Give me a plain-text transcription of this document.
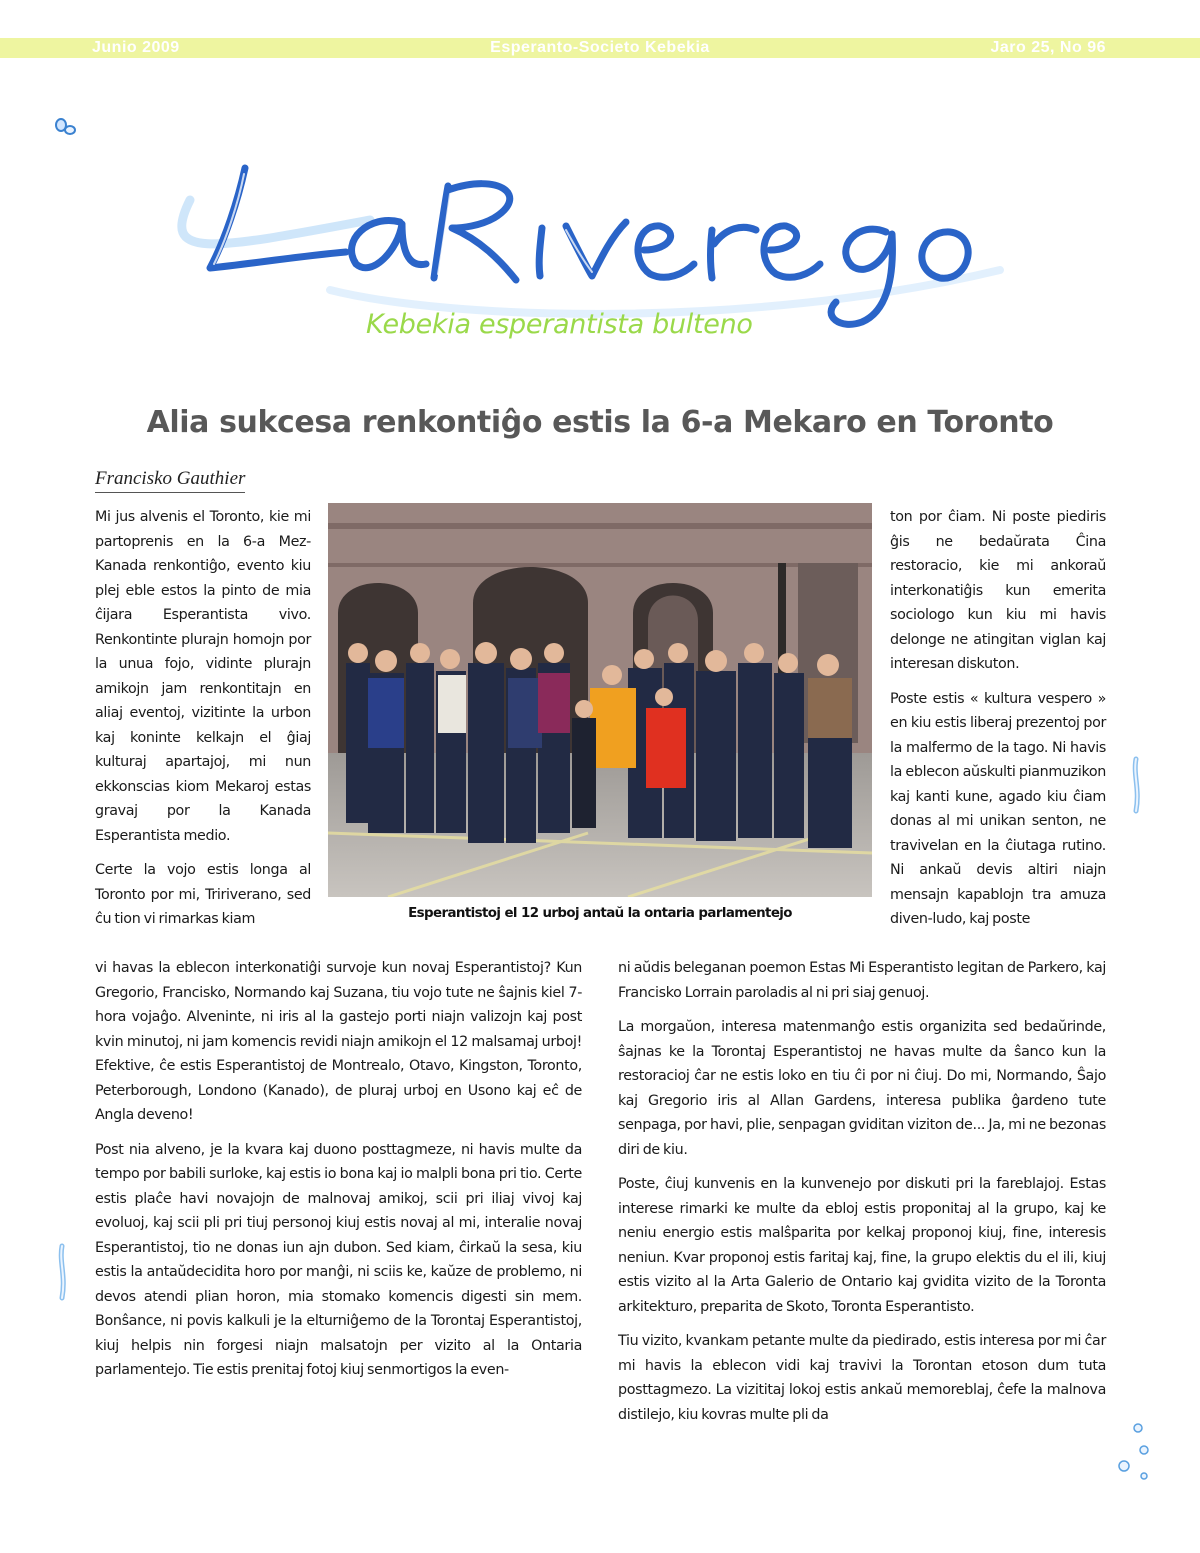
Junio 2009	Esperanto-Societo Kebekia	Jaro 25, No 96
Kebekia esperantista bulteno
Alia sukcesa renkontiĝo estis la 6-a Mekaro en Toronto
Francisko Gauthier

Mi jus alvenis el Toronto, kie mi partoprenis en la 6-a Mez-Kanada renkontiĝo, evento kiu plej eble estos la pinto de mia ĉijara Esperantista vivo. Renkontinte plurajn homojn por la unua fojo, vidinte plurajn amikojn jam renkontitajn en aliaj eventoj, vizitinte la urbon kaj koninte kelkajn el ĝiaj kulturaj apartajoj, mi nun ekkonscias kiom Mekaroj estas gravaj por la Kanada Esperantista medio.

Certe la vojo estis longa al Toronto por mi, Tririverano, sed ĉu tion vi rimarkas kiam	Esperantistoj el 12 urboj antaŭ la ontaria parlamentejo

ton por ĉiam. Ni poste piediris ĝis ne bedaŭrata Ĉina restoracio, kie mi ankoraŭ interkonatiĝis kun emerita sociologo kun kiu mi havis delonge ne atingitan viglan kaj interesan diskuton.

Poste estis « kultura vespero » en kiu estis liberaj prezentoj por la malfermo de la tago. Ni havis la eblecon aŭskulti pianmuzikon kaj kanti kune, agado kiu ĉiam donas al mi unikan senton, ne travivelan en la ĉiutaga rutino. Ni ankaŭ devis altiri niajn mensajn kapablojn tra amuza diven-ludo, kaj poste

vi havas la eblecon interkonatiĝi survoje kun novaj Esperantistoj? Kun Gregorio, Francisko, Normando kaj Suzana, tiu vojo tute ne ŝajnis kiel 7-hora vojaĝo. Alveninte, ni iris al la gastejo porti niajn valizojn kaj post kvin minutoj, ni jam komencis revidi niajn amikojn el 12 malsamaj urboj! Efektive, ĉe estis Esperantistoj de Montrealo, Otavo, Kingston, Toronto, Peterborough, Londono (Kanado), de pluraj urboj en Usono kaj eĉ de Angla deveno!

Post nia alveno, je la kvara kaj duono posttagmeze, ni havis multe da tempo por babili surloke, kaj estis io bona kaj io malpli bona pri tio. Certe estis plaĉe havi novajojn de malnovaj amikoj, scii pri iliaj vivoj kaj evoluoj, kaj scii pli pri tiuj personoj kiuj estis novaj al mi, interalie novaj Esperantistoj, tio ne donas iun ajn dubon. Sed kiam, ĉirkaŭ la sesa, kiu estis la antaŭdecidita horo por manĝi, ni sciis ke, kaŭze de problemo, ni devos atendi plian horon, mia stomako komencis digesti sin mem. Bonŝance, ni povis kalkuli je la elturniĝemo de la Torontaj Esperantistoj, kiuj helpis nin forgesi niajn malsatojn per vizito al la Ontaria parlamentejo. Tie estis prenitaj fotoj kiuj senmortigos la even-

ni aŭdis beleganan poemon Estas Mi Esperantisto legitan de Parkero, kaj Francisko Lorrain paroladis al ni pri siaj genuoj.

La morgaŭon, interesa matenmanĝo estis organizita sed bedaŭrinde, ŝajnas ke la Torontaj Esperantistoj ne havas multe da ŝanco kun la restoracioj ĉar ne estis loko en tiu ĉi por ni ĉiuj. Do mi, Normando, Ŝajo kaj Gregorio iris al Allan Gardens, interesa publika ĝardeno tute senpaga, por havi, plie, senpagan gviditan viziton de... Ja, mi ne bezonas diri de kiu.

Poste, ĉiuj kunvenis en la kunvenejo por diskuti pri la fareblajoj. Estas interese rimarki ke multe da ebloj estis proponitaj al la grupo, kaj ke neniu energio estis malŝparita por kelkaj proponoj kiuj, fine, interesis neniun. Kvar proponoj estis faritaj kaj, fine, la grupo elektis du el ili, kiuj estis vizito al la Arta Galerio de Ontario kaj gvidita vizito de la Toronta arkitekturo, preparita de Skoto, Toronta Esperantisto.

Tiu vizito, kvankam petante multe da piedirado, estis interesa por mi ĉar mi havis la eblecon vidi kaj travivi la Torontan etoson dum tuta posttagmezo. La vizititaj lokoj estis ankaŭ memoreblaj, ĉefe la malnova distilejo, kiu kovras multe pli da
